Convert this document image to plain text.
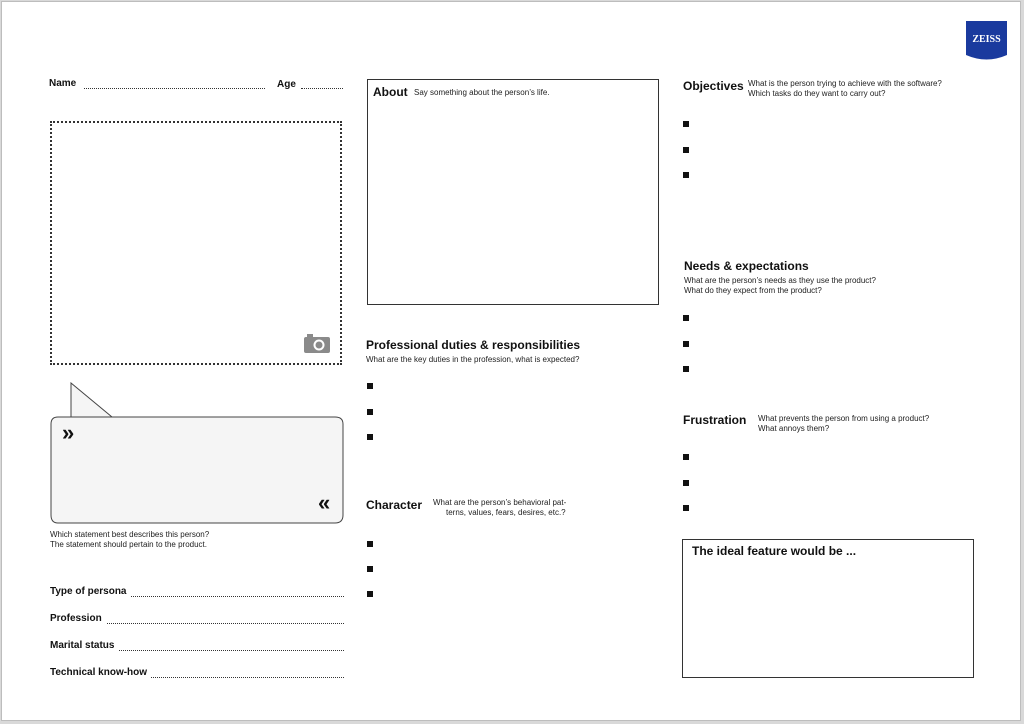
ZEISS
Name	Age
»
«
Which statement best describes this person?
The statement should pertain to the product.
Type of persona
Profession
Marital status
Technical know-how
About Say something about the person’s life.
Professional duties & responsibilities
What are the key duties in the profession, what is expected?
Character What are the person’s behavioral pat-
terns, values, fears, desires, etc.?
Objectives What is the person trying to achieve with the software?
Which tasks do they want to carry out?
Needs & expectations
What are the person’s needs as they use the product?
What do they expect from the product?
Frustration What prevents the person from using a product?
What annoys them?
The ideal feature would be ...
